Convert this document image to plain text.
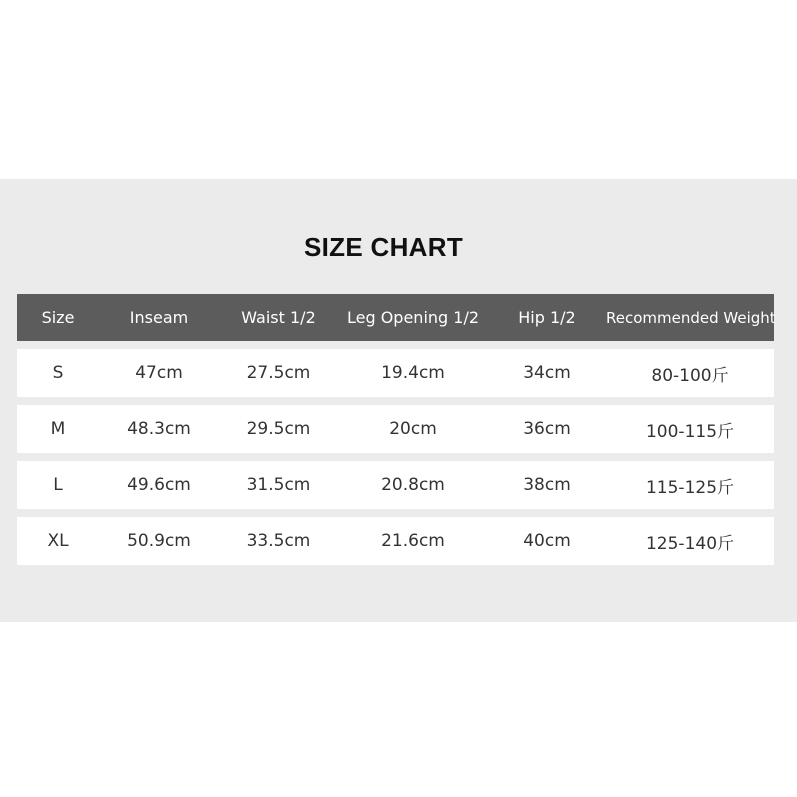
SIZE CHART
Size	Inseam	Waist 1/2	Leg Opening 1/2	Hip 1/2	Recommended Weight
S	47cm	27.5cm	19.4cm	34cm	80-100斤
M	48.3cm	29.5cm	20cm	36cm	100-115斤
L	49.6cm	31.5cm	20.8cm	38cm	115-125斤
XL	50.9cm	33.5cm	21.6cm	40cm	125-140斤
